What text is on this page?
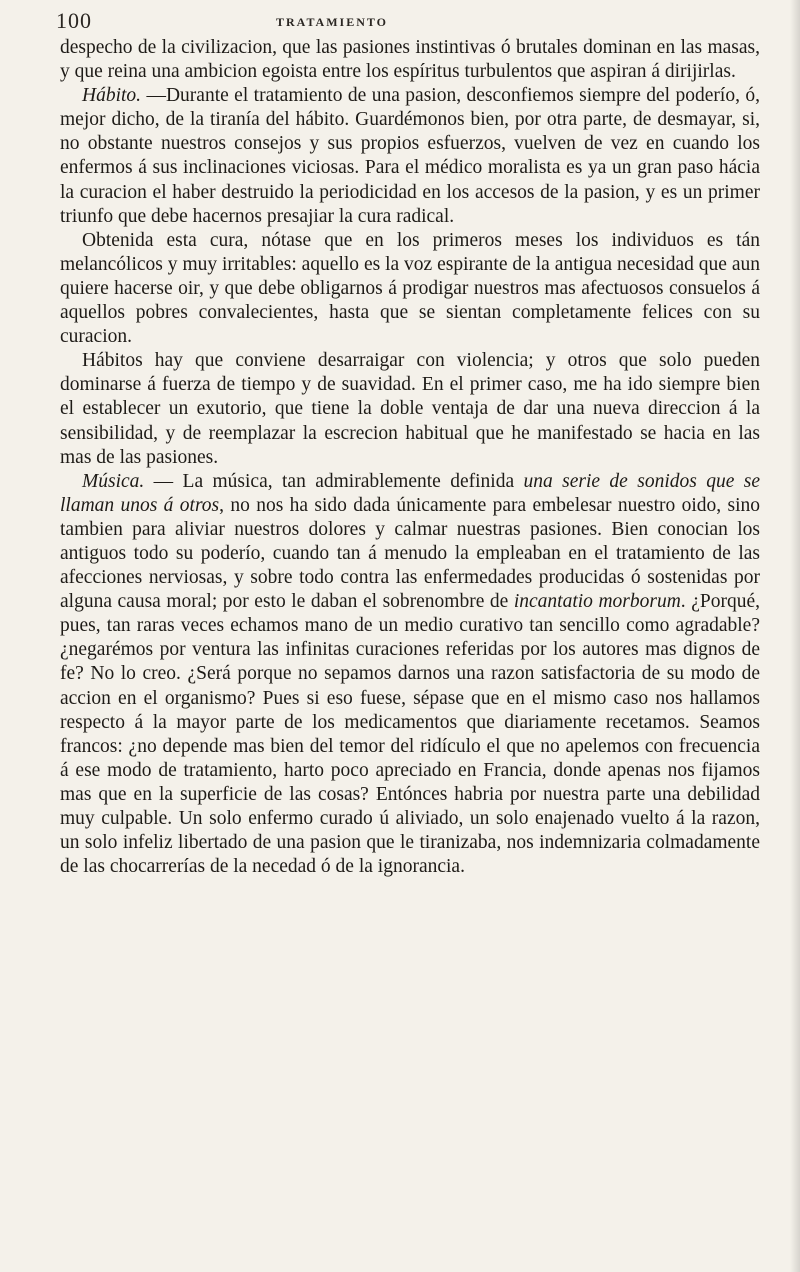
100	TRATAMIENTO

despecho de la civilizacion, que las pasiones instintivas ó brutales dominan en las masas, y que reina una ambicion egoista entre los espíritus turbulentos que aspiran á dirijirlas.

Hábito. —Durante el tratamiento de una pasion, desconfiemos siempre del poderío, ó, mejor dicho, de la tiranía del hábito. Guardémonos bien, por otra parte, de desmayar, si, no obstante nuestros consejos y sus propios esfuerzos, vuelven de vez en cuando los enfermos á sus inclinaciones viciosas. Para el médico moralista es ya un gran paso hácia la curacion el haber destruido la periodicidad en los accesos de la pasion, y es un primer triunfo que debe hacernos presajiar la cura radical.

Obtenida esta cura, nótase que en los primeros meses los individuos es tán melancólicos y muy irritables: aquello es la voz espirante de la antigua necesidad que aun quiere hacerse oir, y que debe obligarnos á prodigar nuestros mas afectuosos consuelos á aquellos pobres convalecientes, hasta que se sientan completamente felices con su curacion.

Hábitos hay que conviene desarraigar con violencia; y otros que solo pueden dominarse á fuerza de tiempo y de suavidad. En el primer caso, me ha ido siempre bien el establecer un exutorio, que tiene la doble ventaja de dar una nueva direccion á la sensibilidad, y de reemplazar la escrecion habitual que he manifestado se hacia en las mas de las pasiones.

Música. — La música, tan admirablemente definida una serie de sonidos que se llaman unos á otros, no nos ha sido dada únicamente para embelesar nuestro oido, sino tambien para aliviar nuestros dolores y calmar nuestras pasiones. Bien conocian los antiguos todo su poderío, cuando tan á menudo la empleaban en el tratamiento de las afecciones nerviosas, y sobre todo contra las enfermedades producidas ó sostenidas por alguna causa moral; por esto le daban el sobrenombre de incantatio morborum. ¿Porqué, pues, tan raras veces echamos mano de un medio curativo tan sencillo como agradable? ¿negarémos por ventura las infinitas curaciones referidas por los autores mas dignos de fe? No lo creo. ¿Será porque no sepamos darnos una razon satisfactoria de su modo de accion en el organismo? Pues si eso fuese, sépase que en el mismo caso nos hallamos respecto á la mayor parte de los medicamentos que diariamente recetamos. Seamos francos: ¿no depende mas bien del temor del ridículo el que no apelemos con frecuencia á ese modo de tratamiento, harto poco apreciado en Francia, donde apenas nos fijamos mas que en la superficie de las cosas? Entónces habria por nuestra parte una debilidad muy culpable. Un solo enfermo curado ú aliviado, un solo enajenado vuelto á la razon, un solo infeliz libertado de una pasion que le tiranizaba, nos indemnizaria colmadamente de las chocarrerías de la necedad ó de la ignorancia.
